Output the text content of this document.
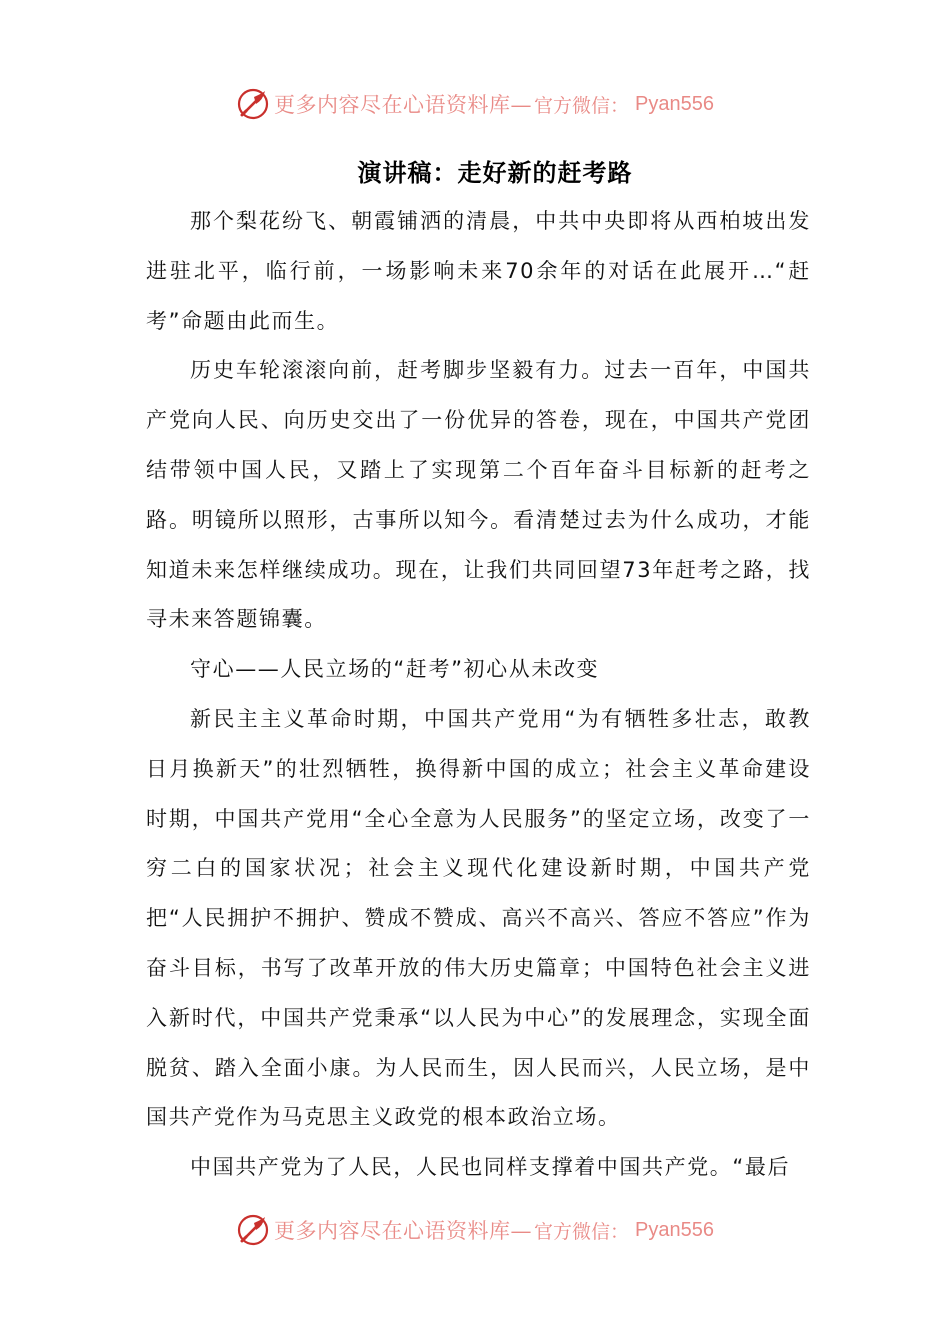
更多内容尽在心语资料库— 官方微信： Pyan556
演讲稿：走好新的赶考路

那个梨花纷飞、朝霞铺洒的清晨，中共中央即将从西柏坡出发进驻北平，临行前，一场影响未来70余年的对话在此展开…“赶考”命题由此而生。

历史车轮滚滚向前，赶考脚步坚毅有力。过去一百年，中国共产党向人民、向历史交出了一份优异的答卷，现在，中国共产党团结带领中国人民，又踏上了实现第二个百年奋斗目标新的赶考之路。明镜所以照形，古事所以知今。看清楚过去为什么成功，才能知道未来怎样继续成功。现在，让我们共同回望73年赶考之路，找寻未来答题锦囊。

守心——人民立场的“赶考”初心从未改变

新民主主义革命时期，中国共产党用“为有牺牲多壮志，敢教日月换新天”的壮烈牺牲，换得新中国的成立；社会主义革命建设时期，中国共产党用“全心全意为人民服务”的坚定立场，改变了一穷二白的国家状况；社会主义现代化建设新时期，中国共产党把“人民拥护不拥护、赞成不赞成、高兴不高兴、答应不答应”作为奋斗目标，书写了改革开放的伟大历史篇章；中国特色社会主义进入新时代，中国共产党秉承“以人民为中心”的发展理念，实现全面脱贫、踏入全面小康。为人民而生，因人民而兴，人民立场，是中国共产党作为马克思主义政党的根本政治立场。

中国共产党为了人民，人民也同样支撑着中国共产党。“最后

更多内容尽在心语资料库— 官方微信： Pyan556
